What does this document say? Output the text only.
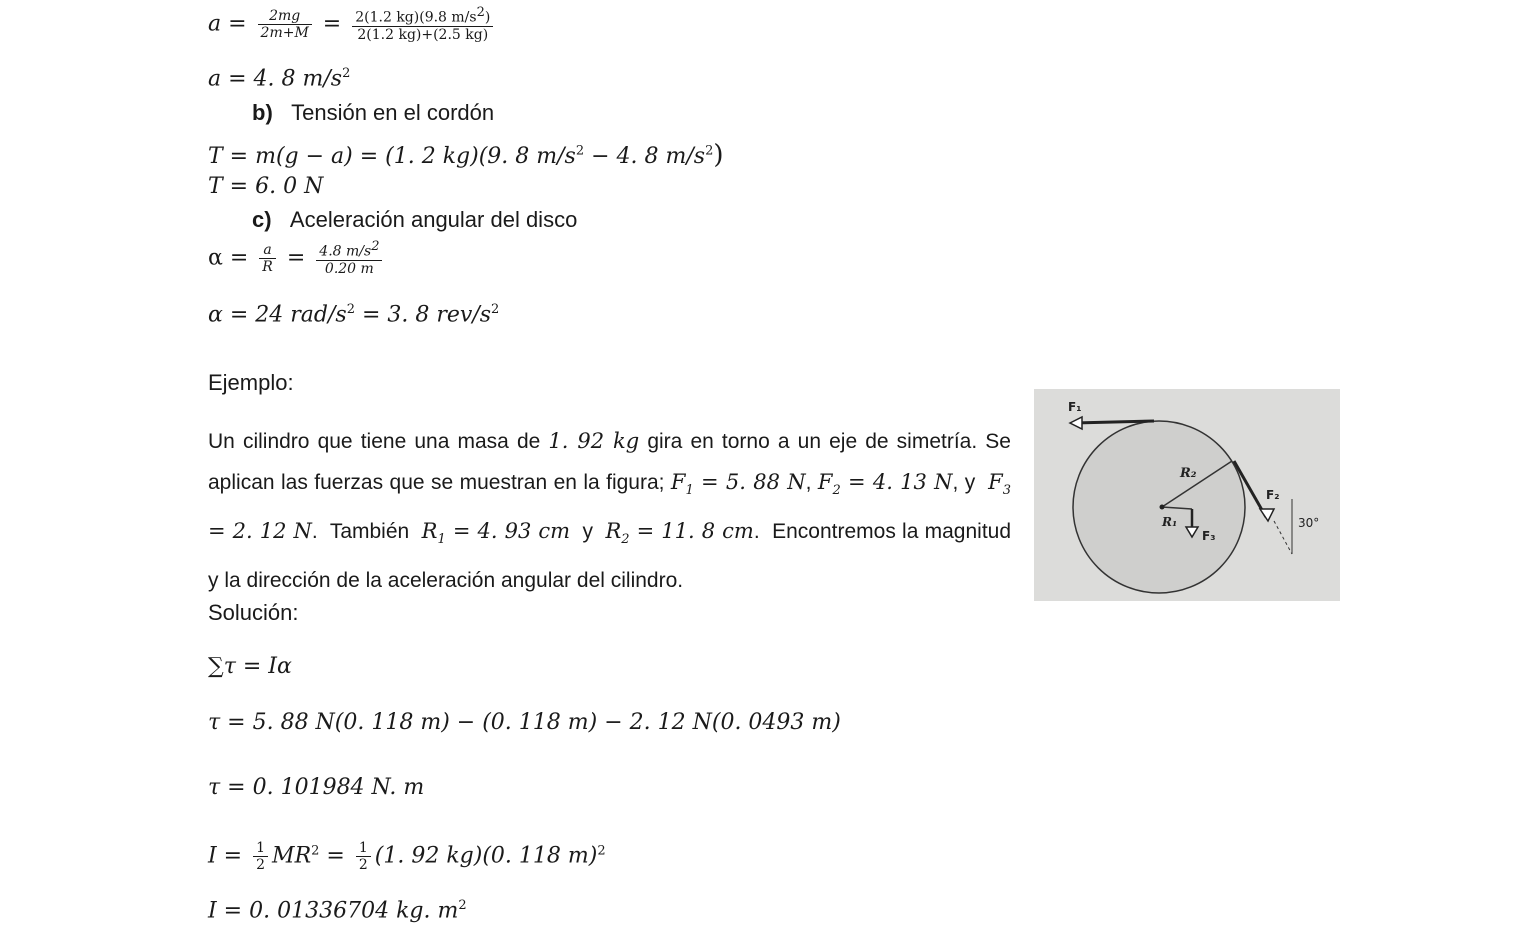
$a = \frac{2mg}{2m+M} = \frac{2(1.2 kg)(9.8 m/s^2)}{2(1.2 kg)+(2.5 kg)}$
a = 4. 8 $m/s^2$
b) Tensión en el cordón
T = m(g − a) = (1. 2 kg)(9. 8 $m/s^2 - 4$. 8 $m/s^2$)
T = 6. 0 N
c) Aceleración angular del disco
$\alpha = \frac{a}{R} = \frac{4.8 m/s^2}{0.20 m}$
α = 24 rad/$s^2 = 3$. 8 rev/$s^2$
Ejemplo:
Un cilindro que tiene una masa de 1. 92 kg gira en torno a un eje de simetría. Se aplican las fuerzas que se muestran en la figura; $F_1 = 5$. 88 N, $F_2 = 4$. 13 N, y $F_3 = 2$. 12 N.  También $R_1 = 4$. 93 cm y $R_2 = 11$. 8 cm.  Encontremos la magnitud y la dirección de la aceleración angular del cilindro.
F₁
R₂
F₂
R₁
F₃
30°
Solución:
∑τ = Iα
τ = 5. 88 N(0. 118 m) − (0. 118 m) − 2. 12 N(0. 0493 m)
τ = 0. 101984 N. m
$I = \frac{1}{2} MR^2 = \frac{1}{2} (1$. 92 kg)(0. 118 m)$^2$
I = 0. 01336704 kg. $m^2$
